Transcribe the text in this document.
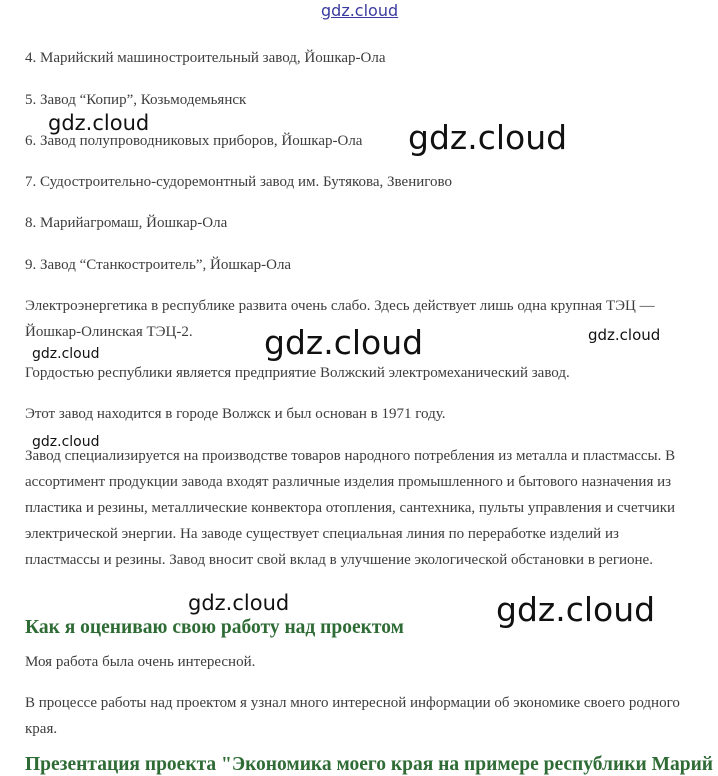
4. Марийский машиностроительный завод, Йошкар-Ола

5. Завод “Копир”, Козьмодемьянск

6. Завод полупроводниковых приборов, Йошкар-Ола

7. Судостроительно-судоремонтный завод им. Бутякова, Звенигово

8. Марийагромаш, Йошкар-Ола

9. Завод “Станкостроитель”, Йошкар-Ола

Электроэнергетика в республике развита очень слабо. Здесь действует лишь одна крупная ТЭЦ — Йошкар-Олинская ТЭЦ-2.

Гордостью республики является предприятие Волжский электромеханический завод.

Этот завод находится в городе Волжск и был основан в 1971 году.

Завод специализируется на производстве товаров народного потребления из металла и пластмассы. В ассортимент продукции завода входят различные изделия промышленного и бытового назначения из пластика и резины, металлические конвектора отопления, сантехника, пульты управления и счетчики электрической энергии. На заводе существует специальная линия по переработке изделий из пластмассы и резины. Завод вносит свой вклад в улучшение экологической обстановки в регионе.

Как я оцениваю свою работу над проектом

Моя работа была очень интересной.

В процессе работы над проектом я узнал много интересной информации об экономике своего родного края.

Презентация проекта "Экономика моего края на примере республики Марий
gdz.cloud
gdz.cloud	gdz.cloud
gdz.cloud	gdz.cloud
gdz.cloud
gdz.cloud
gdz.cloud	gdz.cloud
